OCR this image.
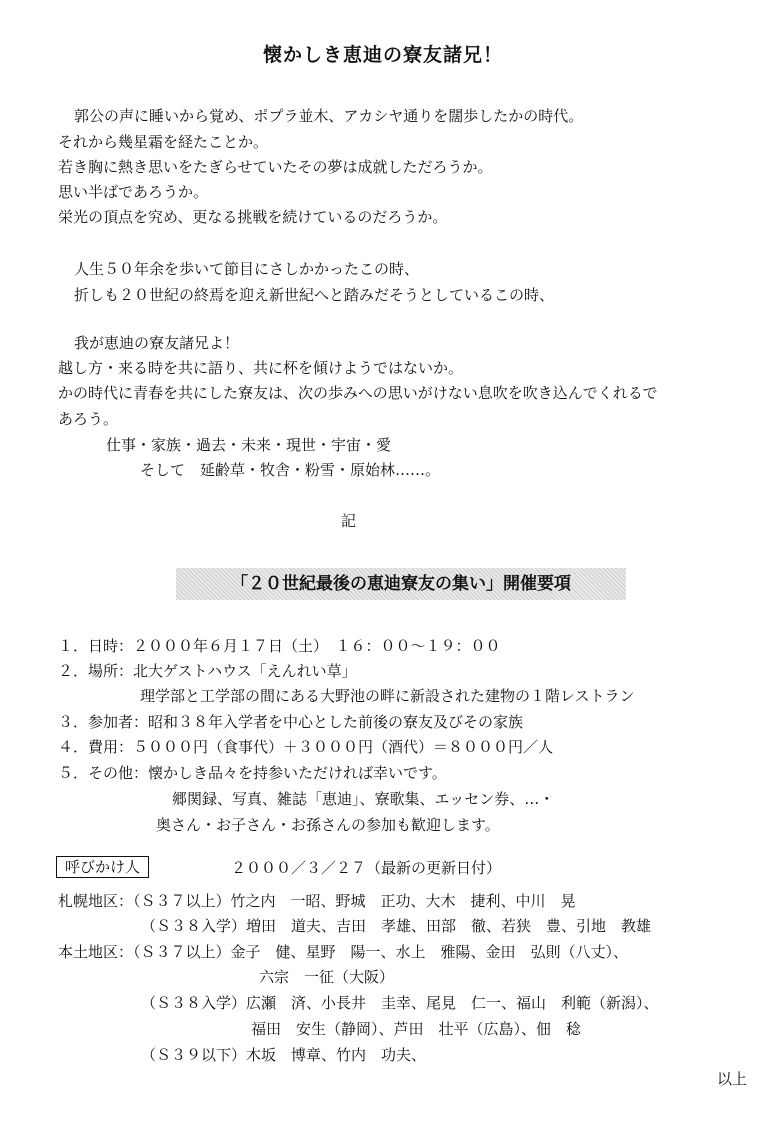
懐かしき恵迪の寮友諸兄！
郭公の声に睡いから覚め、ポプラ並木、アカシヤ通りを闊歩したかの時代。
それから幾星霜を経たことか。
若き胸に熱き思いをたぎらせていたその夢は成就しただろうか。
思い半ばであろうか。
栄光の頂点を究め、更なる挑戦を続けているのだろうか。
人生５０年余を歩いて節目にさしかかったこの時、
折しも２０世紀の終焉を迎え新世紀へと踏みだそうとしているこの時、
我が恵迪の寮友諸兄よ！
越し方・来る時を共に語り、共に杯を傾けようではないか。
かの時代に青春を共にした寮友は、次の歩みへの思いがけない息吹を吹き込んでくれるで
あろう。
仕事・家族・過去・未来・現世・宇宙・愛
そして　延齢草・牧舎・粉雪・原始林……。
記
「２０世紀最後の恵迪寮友の集い」開催要項
１．日時：２０００年６月１７日（土）　１６：００〜１９：００
２．場所：北大ゲストハウス「えんれい草」
理学部と工学部の間にある大野池の畔に新設された建物の１階レストラン
３．参加者：昭和３８年入学者を中心とした前後の寮友及びその家族
４．費用：５０００円（食事代）＋３０００円（酒代）＝８０００円／人
５．その他：懐かしき品々を持参いただければ幸いです。
郷関録、写真、雑誌「恵迪」、寮歌集、エッセン券、…・
奥さん・お子さん・お孫さんの参加も歓迎します。
呼びかけ人	２０００／３／２７（最新の更新日付）
札幌地区：（Ｓ３７以上）竹之内　一昭、野城　正功、大木　捷利、中川　晃
（Ｓ３８入学）増田　道夫、吉田　孝雄、田部　徹、若狭　豊、引地　教雄
本土地区：（Ｓ３７以上）金子　健、星野　陽一、水上　雅陽、金田　弘則（八丈）、
六宗　一征（大阪）
（Ｓ３８入学）広瀬　済、小長井　圭幸、尾見　仁一、福山　利範（新潟）、
福田　安生（静岡）、芦田　壮平（広島）、佃　稔
（Ｓ３９以下）木坂　博章、竹内　功夫、
以上
